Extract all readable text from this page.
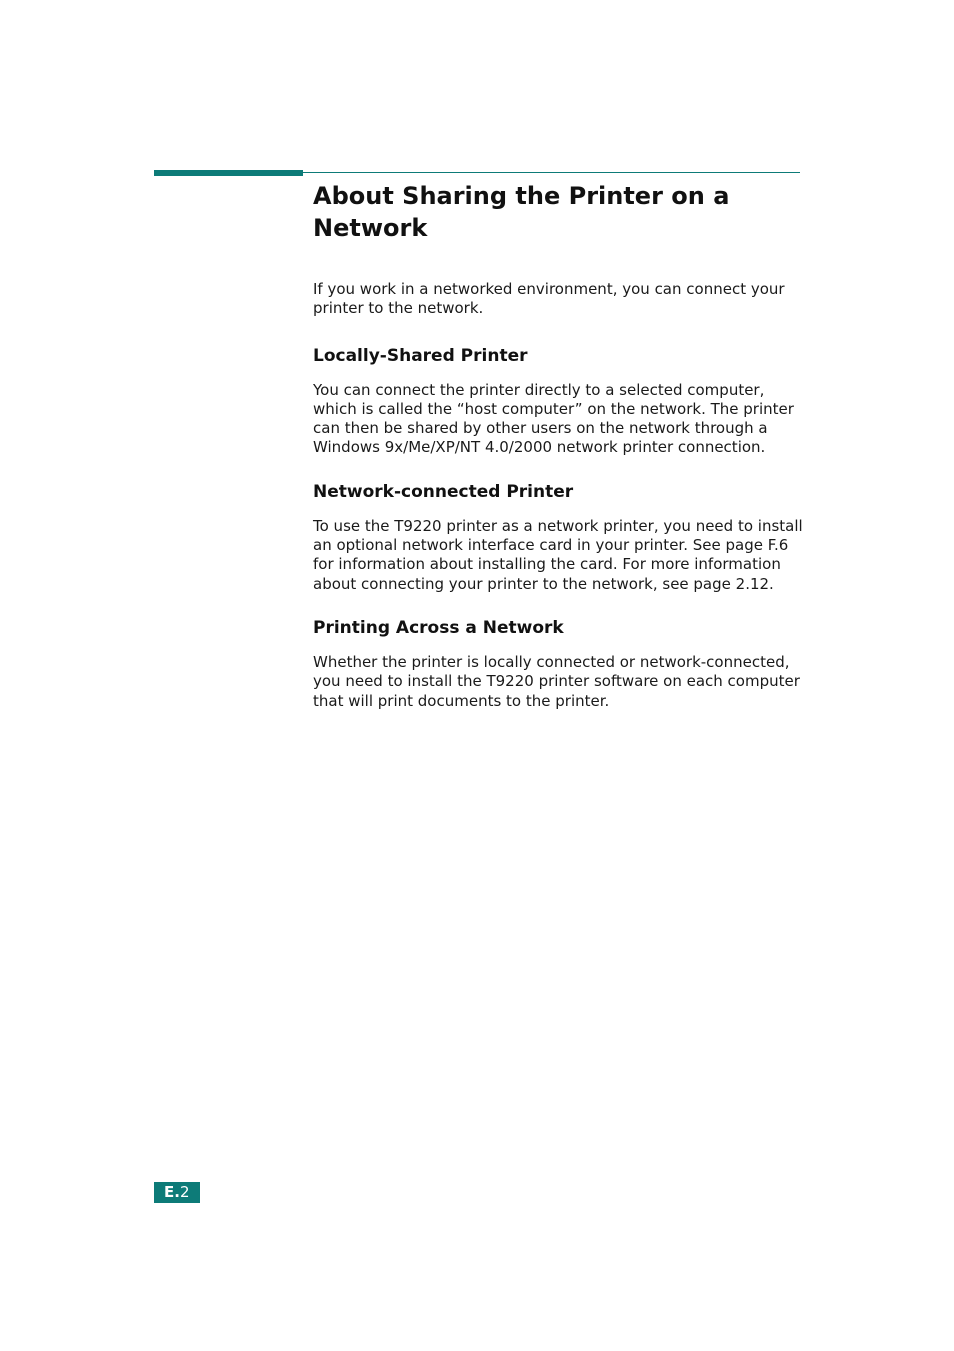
About Sharing the Printer on a Network

If you work in a networked environment, you can connect your printer to the network.

Locally-Shared Printer

You can connect the printer directly to a selected computer, which is called the “host computer” on the network. The printer can then be shared by other users on the network through a Windows 9x/Me/XP/NT 4.0/2000 network printer connection.

Network-connected Printer

To use the T9220 printer as a network printer, you need to install an optional network interface card in your printer. See page F.6 for information about installing the card. For more information about connecting your printer to the network, see page 2.12.

Printing Across a Network

Whether the printer is locally connected or network-connected, you need to install the T9220 printer software on each computer that will print documents to the printer.

E.2
